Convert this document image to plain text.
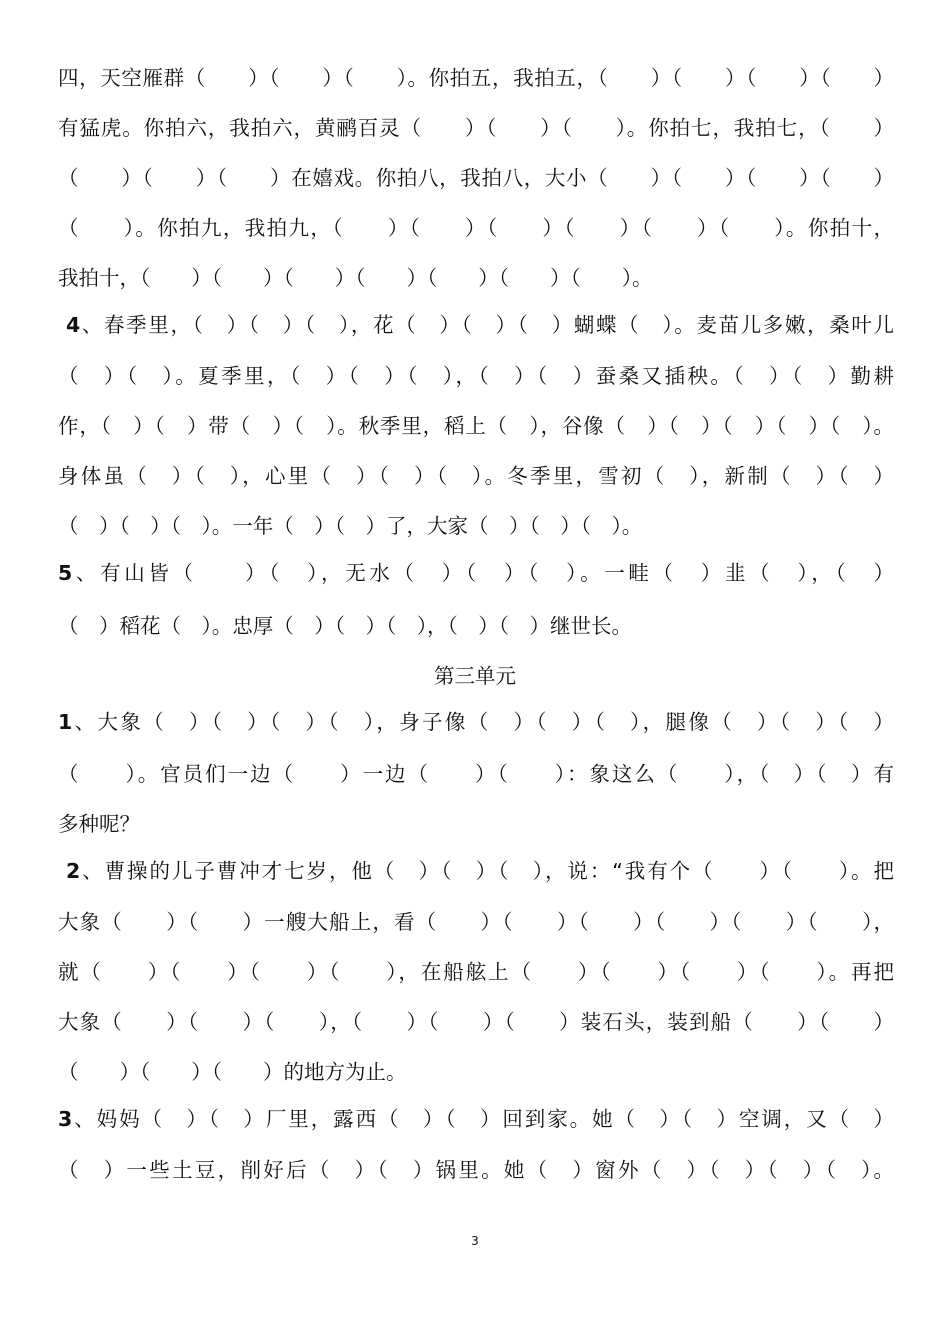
四，天空雁群（　　）（　　）（　　）。你拍五，我拍五，（　　）（　　）（　　）（　　）
有猛虎。你拍六，我拍六，黄鹂百灵（　　）（　　）（　　）。你拍七，我拍七，（　　）
（　　）（　　）（　　）在嬉戏。你拍八，我拍八，大小（　　）（　　）（　　）（　　）
（　　）。你拍九，我拍九，（　　）（　　）（　　）（　　）（　　）（　　）。你拍十，
我拍十，（　　）（　　）（　　）（　　）（　　）（　　）（　　）。
4、春季里，（　）（　）（　），花（　）（　）（　）蝴蝶（　）。麦苗儿多嫩，桑叶儿
（　）（　）。夏季里，（　）（　）（　），（　）（　）蚕桑又插秧。（　）（　）勤耕
作，（　）（　）带（　）（　）。秋季里，稻上（　），谷像（　）（　）（　）（　）（　）。
身体虽（　）（　），心里（　）（　）（　）。冬季里，雪初（　），新制（　）（　）
（　）（　）（　）。一年（　）（　）了，大家（　）（　）（　）。
5、有山皆（　　）（　），无水（　）（　）（　）。一畦（　）韭（　），（　）
（　）稻花（　）。忠厚（　）（　）（　），（　）（　）继世长。
第三单元
1、大象（　）（　）（　）（　），身子像（　）（　）（　），腿像（　）（　）（　）
（　　）。官员们一边（　　）一边（　　）（　　）：象这么（　　），（　）（　）有
多种呢？
2、曹操的儿子曹冲才七岁，他（　）（　）（　），说：“我有个（　　）（　　）。把
大象（　　）（　　）一艘大船上，看（　　）（　　）（　　）（　　）（　　）（　　），
就（　　）（　　）（　　）（　　），在船舷上（　　）（　　）（　　）（　　）。再把
大象（　　）（　　）（　　），（　　）（　　）（　　）装石头，装到船（　　）（　　）
（　　）（　　）（　　）的地方为止。
3、妈妈（　）（　）厂里，露西（　）（　）回到家。她（　）（　）空调，又（　）
（　）一些土豆，削好后（　）（　）锅里。她（　）窗外（　）（　）（　）（　）。
3
